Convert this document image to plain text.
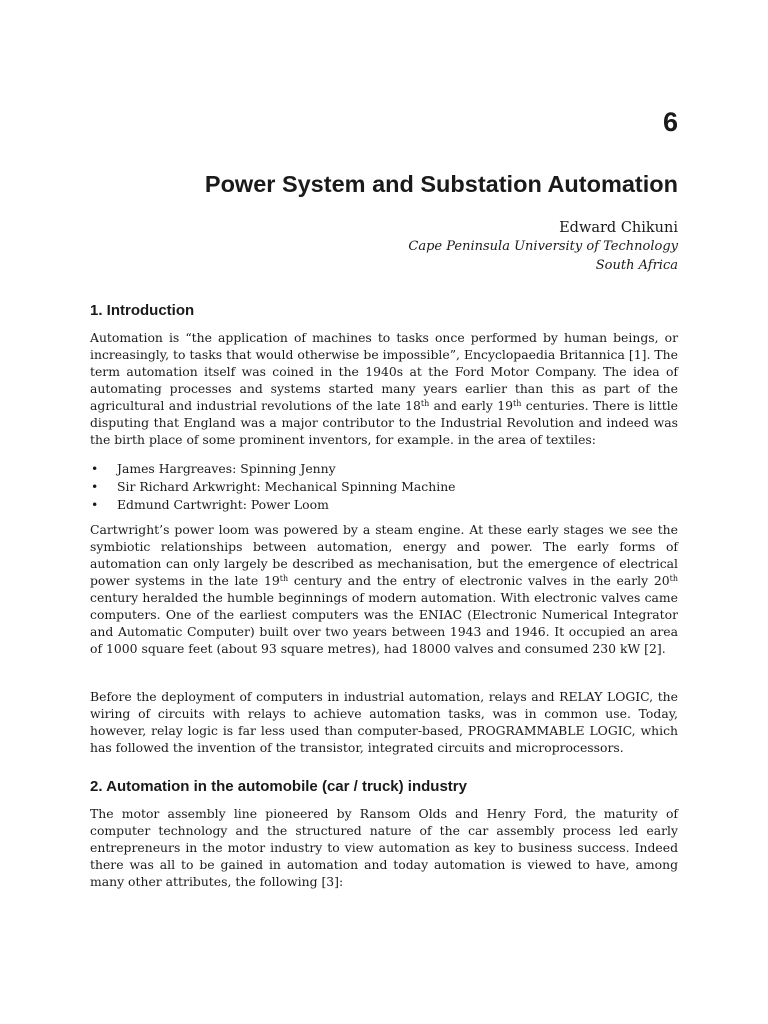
6
Power System and Substation Automation

Edward Chikuni

Cape Peninsula University of Technology

South Africa

1. Introduction

Automation is “the application of machines to tasks once performed by human beings, or increasingly, to tasks that would otherwise be impossible”, Encyclopaedia Britannica [1]. The term automation itself was coined in the 1940s at the Ford Motor Company. The idea of automating processes and systems started many years earlier than this as part of the agricultural and industrial revolutions of the late 18th and early 19th centuries. There is little disputing that England was a major contributor to the Industrial Revolution and indeed was the birth place of some prominent inventors, for example. in the area of textiles:

• James Hargreaves: Spinning Jenny
• Sir Richard Arkwright: Mechanical Spinning Machine
• Edmund Cartwright: Power Loom

Cartwright’s power loom was powered by a steam engine. At these early stages we see the symbiotic relationships between automation, energy and power. The early forms of automation can only largely be described as mechanisation, but the emergence of electrical power systems in the late 19th century and the entry of electronic valves in the early 20th century heralded the humble beginnings of modern automation. With electronic valves came computers. One of the earliest computers was the ENIAC (Electronic Numerical Integrator and Automatic Computer) built over two years between 1943 and 1946. It occupied an area of 1000 square feet (about 93 square metres), had 18000 valves and consumed 230 kW [2].

Before the deployment of computers in industrial automation, relays and RELAY LOGIC, the wiring of circuits with relays to achieve automation tasks, was in common use. Today, however, relay logic is far less used than computer-based, PROGRAMMABLE LOGIC, which has followed the invention of the transistor, integrated circuits and microprocessors.

2. Automation in the automobile (car / truck) industry

The motor assembly line pioneered by Ransom Olds and Henry Ford, the maturity of computer technology and the structured nature of the car assembly process led early entrepreneurs in the motor industry to view automation as key to business success. Indeed there was all to be gained in automation and today automation is viewed to have, among many other attributes, the following [3]:
